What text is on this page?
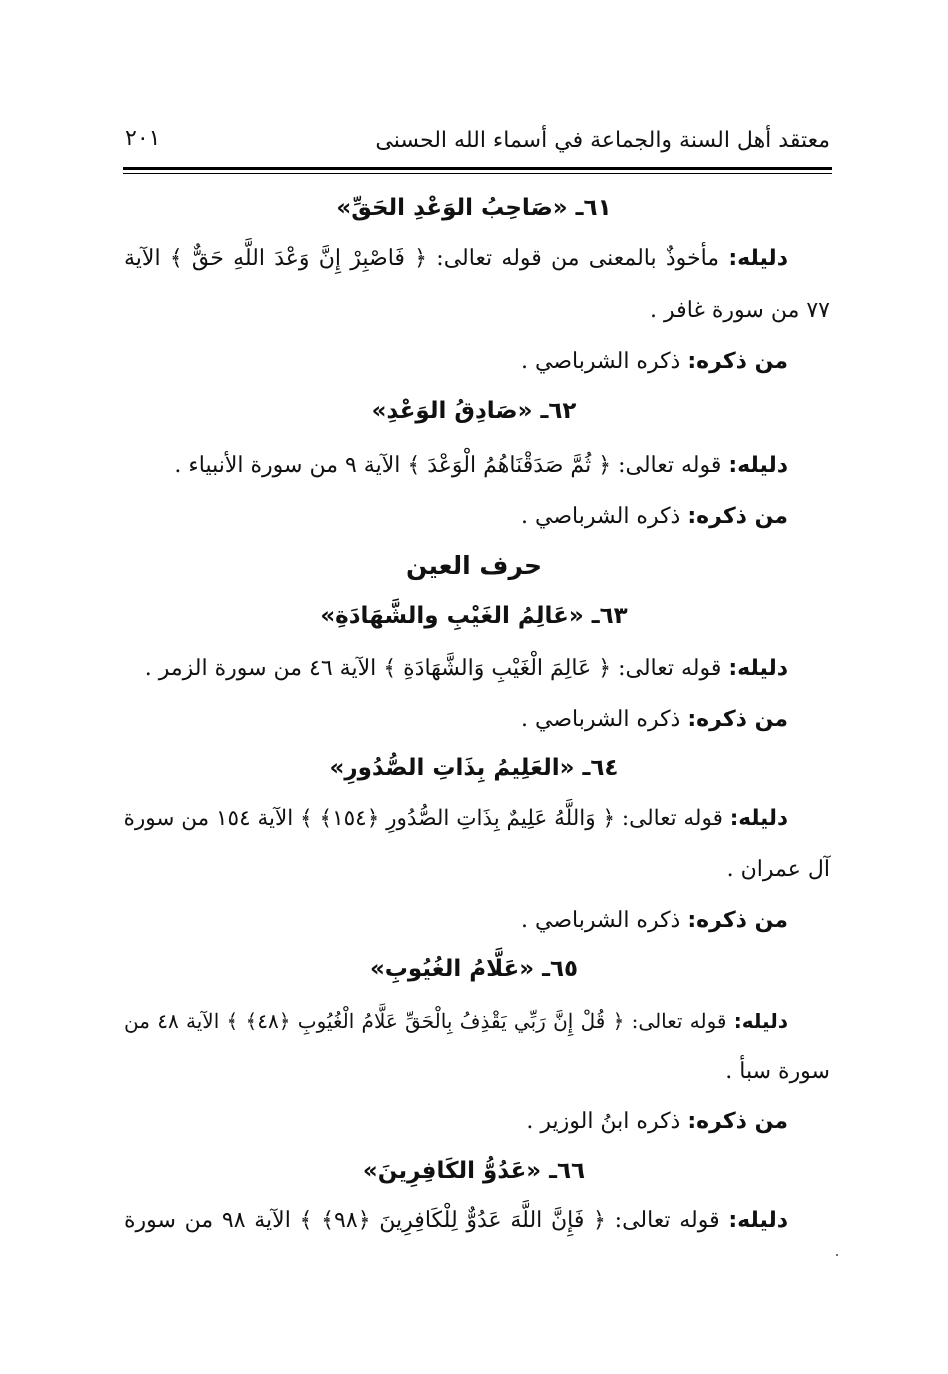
معتقد أهل السنة والجماعة في أسماء الله الحسنى
٢٠١
٦١ـ «صَاحِبُ الوَعْدِ الحَقِّ»
دليله: مأخوذٌ بالمعنى من قوله تعالى: ﴿ فَاصْبِرْ إِنَّ وَعْدَ اللَّهِ حَقٌّ ﴾ الآية
٧٧ من سورة غافر .
من ذكره: ذكره الشرباصي .
٦٢ـ «صَادِقُ الوَعْدِ»
دليله: قوله تعالى: ﴿ ثُمَّ صَدَقْنَاهُمُ الْوَعْدَ ﴾ الآية ٩ من سورة الأنبياء .
من ذكره: ذكره الشرباصي .
حرف العين
٦٣ـ «عَالِمُ الغَيْبِ والشَّهَادَةِ»
دليله: قوله تعالى: ﴿ عَالِمَ الْغَيْبِ وَالشَّهَادَةِ ﴾ الآية ٤٦ من سورة الزمر .
من ذكره: ذكره الشرباصي .
٦٤ـ «العَلِيمُ بِذَاتِ الصُّدُورِ»
دليله: قوله تعالى: ﴿ وَاللَّهُ عَلِيمٌ بِذَاتِ الصُّدُورِ ﴿١٥٤﴾ ﴾ الآية ١٥٤ من سورة
آل عمران .
من ذكره: ذكره الشرباصي .
٦٥ـ «عَلَّامُ الغُيُوبِ»
دليله: قوله تعالى: ﴿ قُلْ إِنَّ رَبِّي يَقْذِفُ بِالْحَقِّ عَلَّامُ الْغُيُوبِ ﴿٤٨﴾ ﴾ الآية ٤٨ من
سورة سبأ .
من ذكره: ذكره ابنُ الوزير .
٦٦ـ «عَدُوُّ الكَافِرِينَ»
دليله: قوله تعالى: ﴿ فَإِنَّ اللَّهَ عَدُوٌّ لِلْكَافِرِينَ ﴿٩٨﴾ ﴾ الآية ٩٨ من سورة
